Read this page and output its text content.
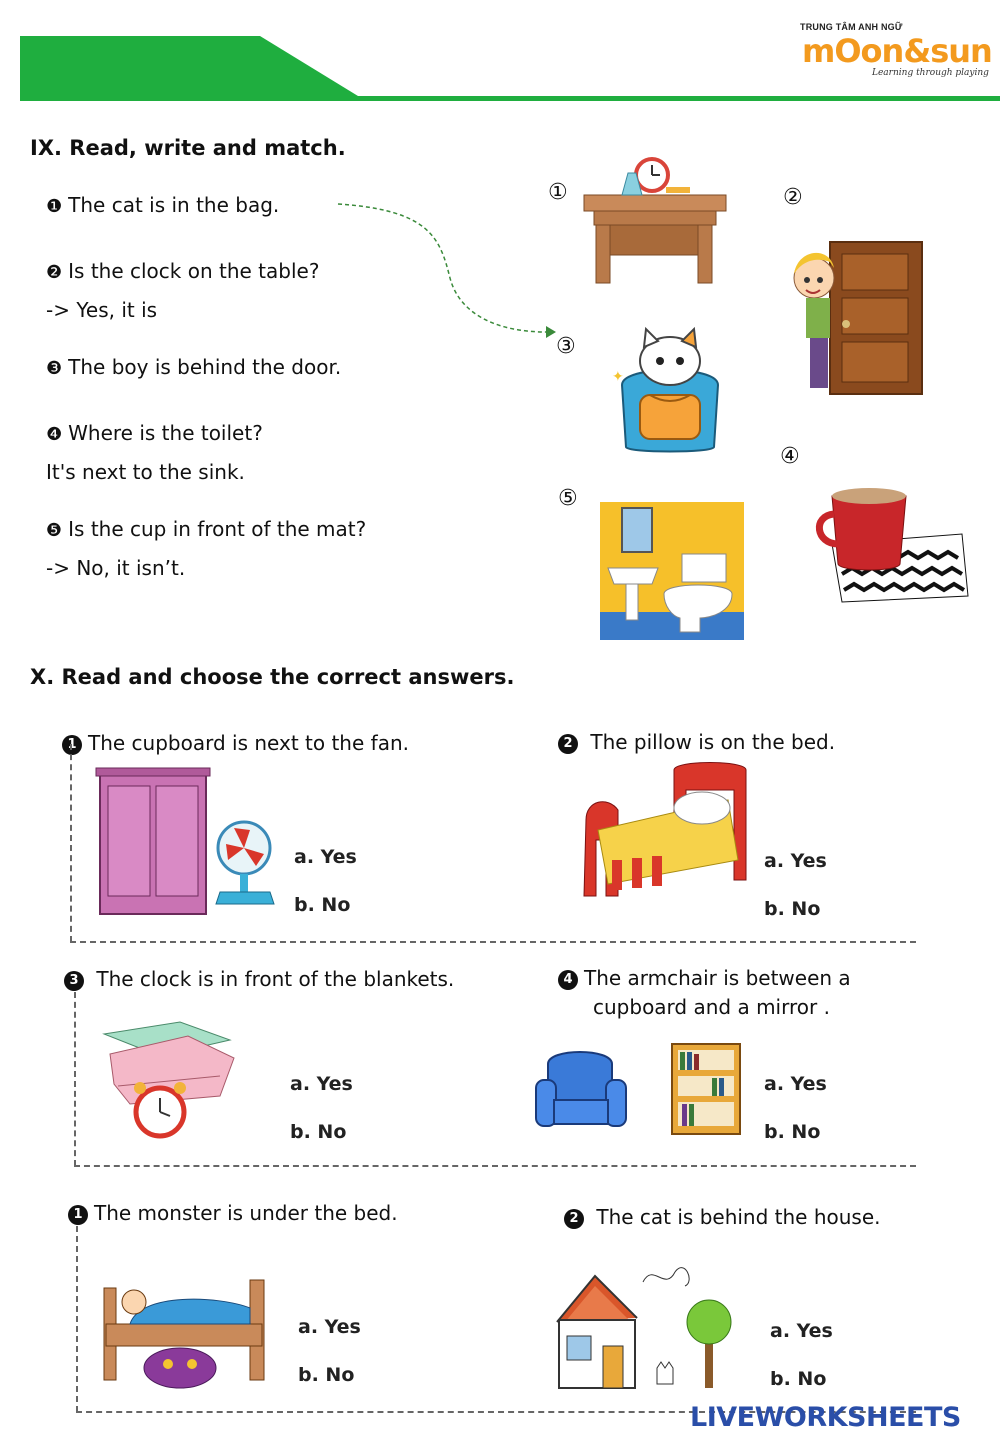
TRUNG TÂM ANH NGỮ
mOon&sun
Learning through playing
IX. Read, write and match.
❶ The cat is in the bag.
❷ Is the clock on the table?
-> Yes, it is
❸ The boy is behind the door.
❹ Where is the toilet?
It's next to the sink.
❺ Is the cup in front of the mat?
-> No, it isn’t.
①	②
③
④
⑤
✦
X. Read and choose the correct answers.
1 The cupboard is next to the fan.
a. Yes
b. No
2 The pillow is on the bed.
a. Yes
b. No
3 The clock is in front of the blankets.
a. Yes
b. No
4 The armchair is between a
cupboard and a mirror .
a. Yes
b. No
1 The monster is under the bed.
a. Yes
b. No
2 The cat is behind the house.
a. Yes
b. No
LIVEWORKSHEETS
